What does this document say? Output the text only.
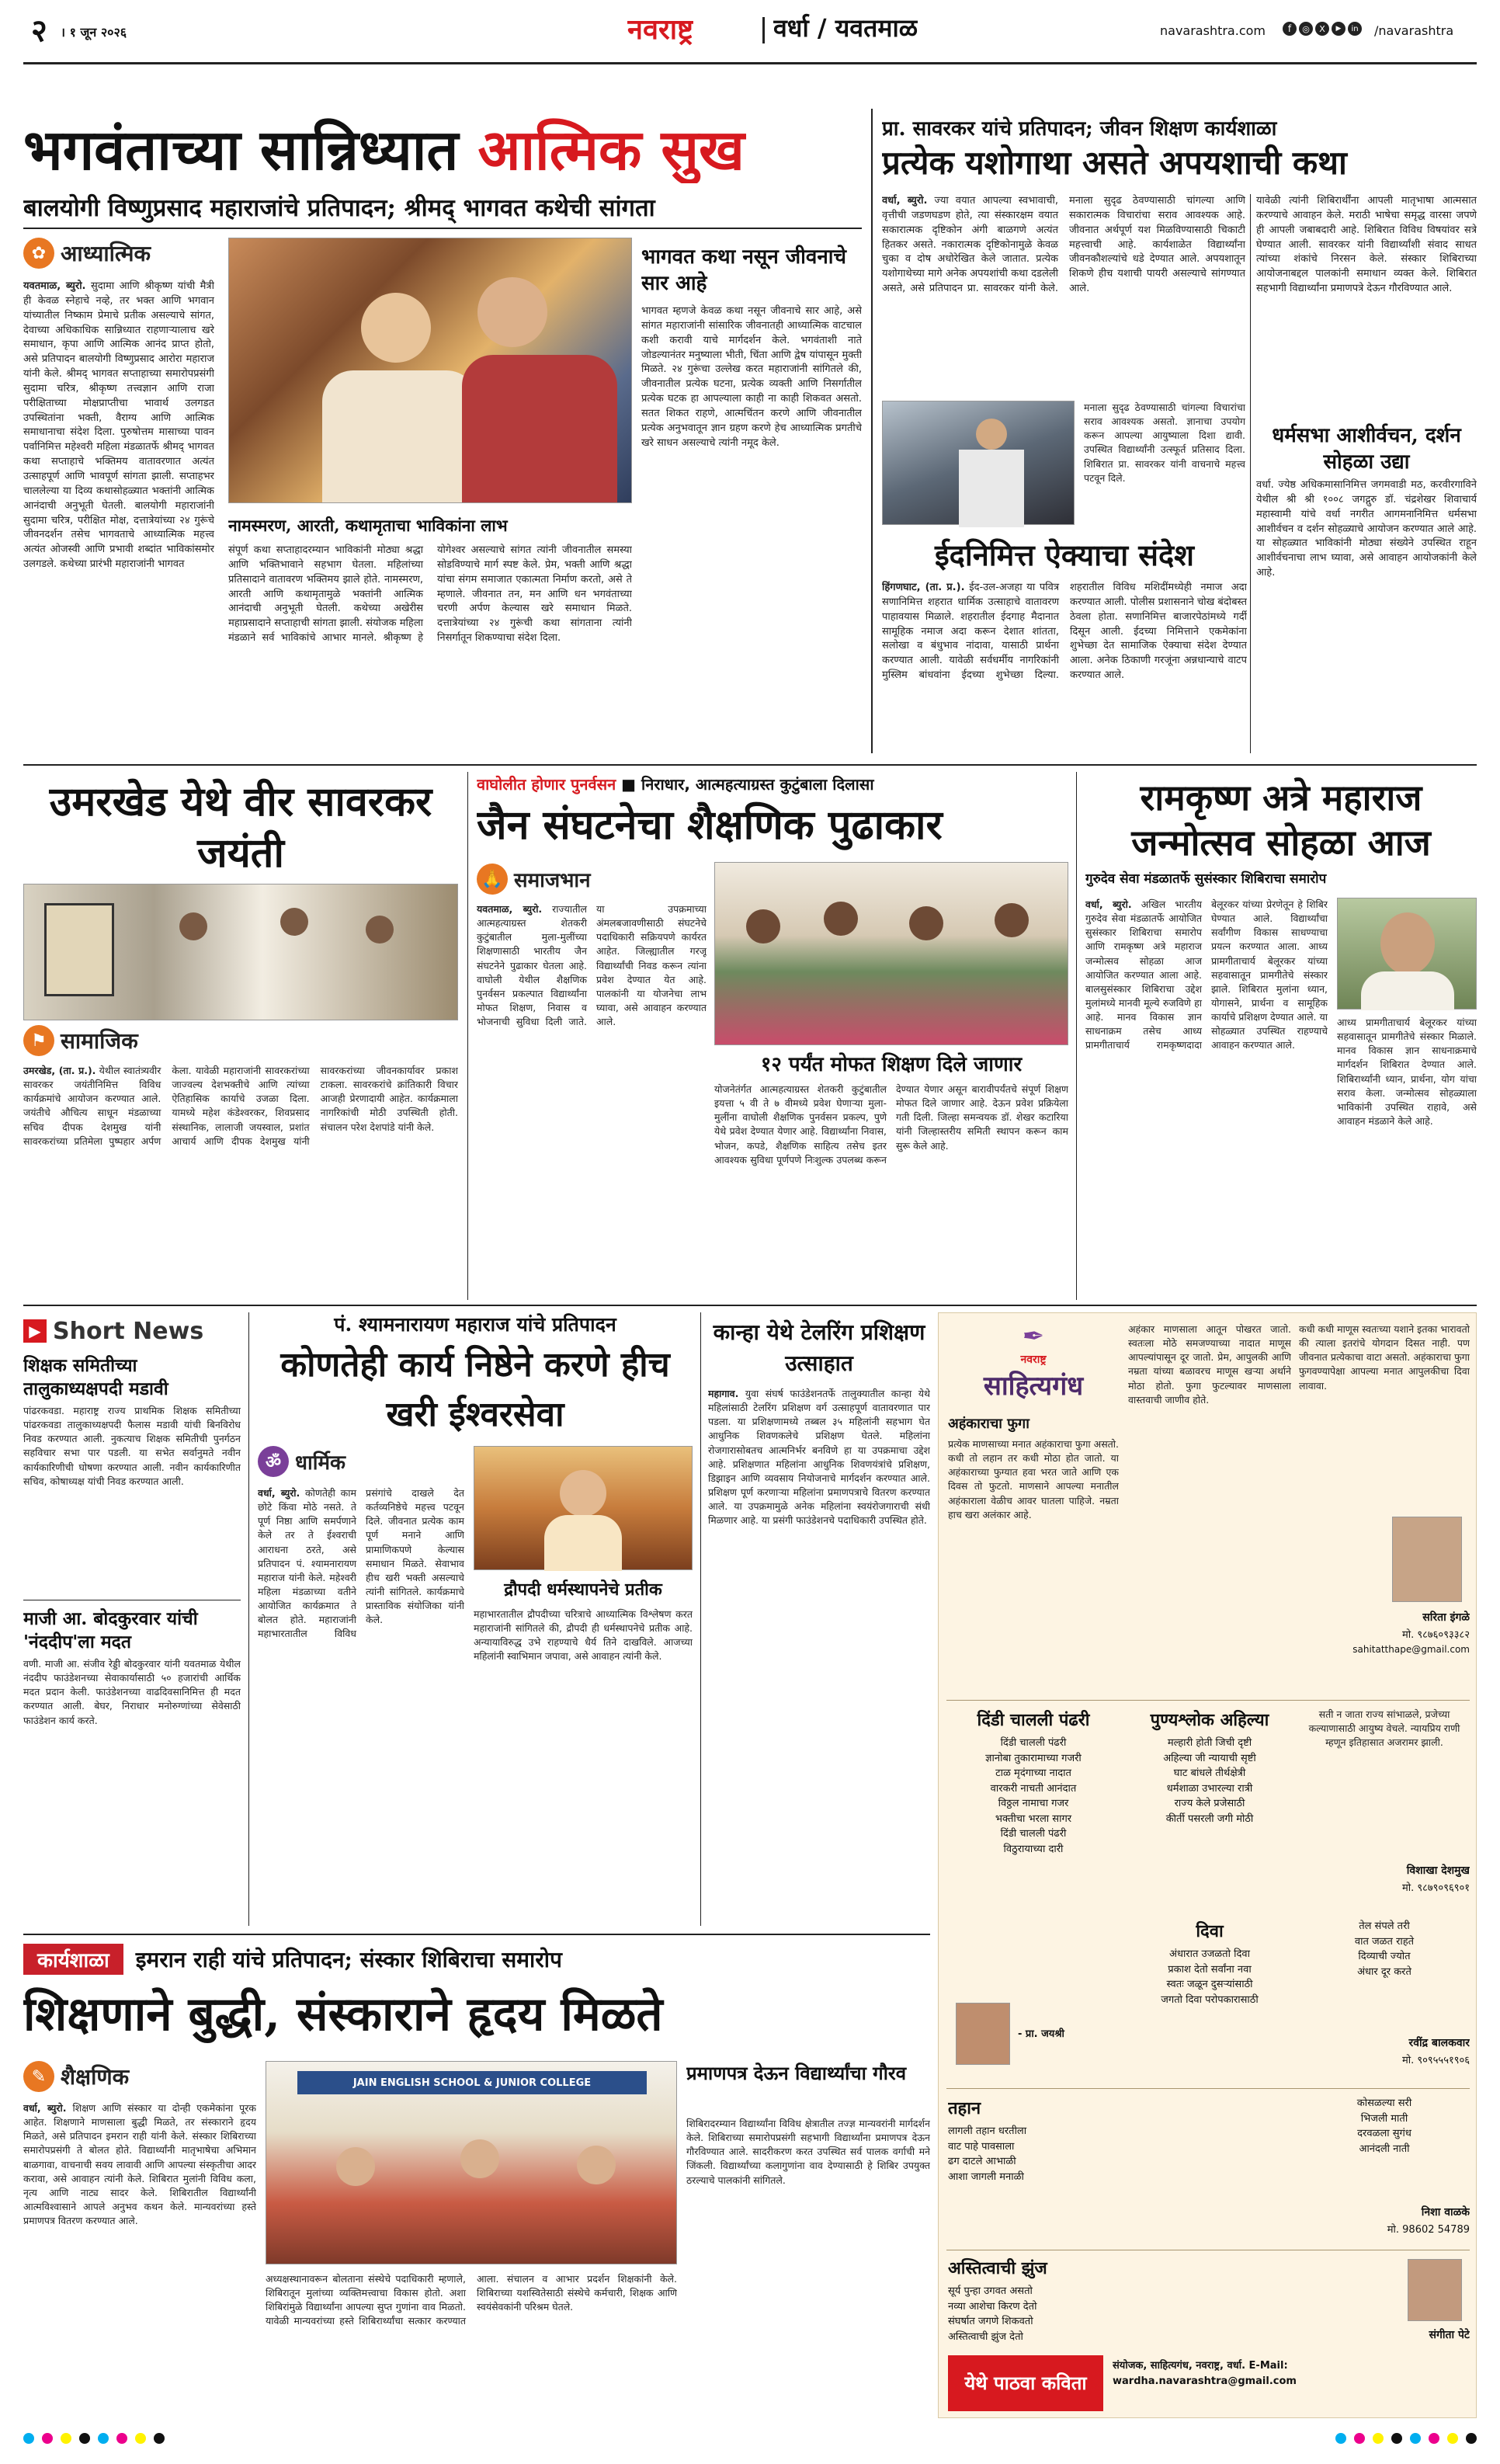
२ । १ जून २०२६	नवराष्ट्र	वर्धा / यवतमाळ	navarashtra.com	f	◎	X	▶	in /navarashtra
भगवंताच्या सान्निध्यात आत्मिक सुख
बालयोगी विष्णुप्रसाद महाराजांचे प्रतिपादन; श्रीमद् भागवत कथेची सांगता
✿ आध्यात्मिक
यवतमाळ, ब्युरो. सुदामा आणि श्रीकृष्ण यांची मैत्री ही केवळ स्नेहाचे नव्हे, तर भक्त आणि भगवान यांच्यातील निष्काम प्रेमाचे प्रतीक असल्याचे सांगत, देवाच्या अधिकाधिक सान्निध्यात राहणाऱ्यालाच खरे समाधान, कृपा आणि आत्मिक आनंद प्राप्त होतो, असे प्रतिपादन बालयोगी विष्णुप्रसाद आरोरा महाराज यांनी केले. श्रीमद् भागवत सप्ताहाच्या समारोपप्रसंगी सुदामा चरित्र, श्रीकृष्ण तत्त्वज्ञान आणि राजा परीक्षिताच्या मोक्षप्राप्तीचा भावार्थ उलगडत उपस्थितांना भक्ती, वैराग्य आणि आत्मिक समाधानाचा संदेश दिला. पुरुषोत्तम मासाच्या पावन पर्वानिमित्त महेश्वरी महिला मंडळातर्फे श्रीमद् भागवत कथा सप्ताहाचे भक्तिमय वातावरणात अत्यंत उत्साहपूर्ण आणि भावपूर्ण सांगता झाली. सप्ताहभर चाललेल्या या दिव्य कथासोहळ्यात भक्तांनी आत्मिक आनंदाची अनुभूती घेतली. बालयोगी महाराजांनी सुदामा चरित्र, परीक्षित मोक्ष, दत्तात्रेयांच्या २४ गुरूंचे जीवनदर्शन तसेच भागवताचे आध्यात्मिक महत्त्व अत्यंत ओजस्वी आणि प्रभावी शब्दांत भाविकांसमोर उलगडले. कथेच्या प्रारंभी महाराजांनी भागवत
भागवत कथा नसून जीवनाचे सार आहे
भागवत म्हणजे केवळ कथा नसून जीवनाचे सार आहे, असे सांगत महाराजांनी सांसारिक जीवनातही आध्यात्मिक वाटचाल कशी करावी याचे मार्गदर्शन केले. भगवंताशी नाते जोडल्यानंतर मनुष्याला भीती, चिंता आणि द्वेष यांपासून मुक्ती मिळते. २४ गुरूंचा उल्लेख करत महाराजांनी सांगितले की, जीवनातील प्रत्येक घटना, प्रत्येक व्यक्ती आणि निसर्गातील प्रत्येक घटक हा आपल्याला काही ना काही शिकवत असतो. सतत शिकत राहणे, आत्मचिंतन करणे आणि जीवनातील प्रत्येक अनुभवातून ज्ञान ग्रहण करणे हेच आध्यात्मिक प्रगतीचे खरे साधन असल्याचे त्यांनी नमूद केले.
नामस्मरण, आरती, कथामृताचा भाविकांना लाभ
संपूर्ण कथा सप्ताहादरम्यान भाविकांनी मोठ्या श्रद्धा आणि भक्तिभावाने सहभाग घेतला. महिलांच्या प्रतिसादाने वातावरण भक्तिमय झाले होते. नामस्मरण, आरती आणि कथामृतामुळे भक्तांनी आत्मिक आनंदाची अनुभूती घेतली. कथेच्या अखेरीस महाप्रसादाने सप्ताहाची सांगता झाली. संयोजक महिला मंडळाने सर्व भाविकांचे आभार मानले. श्रीकृष्ण हे योगेश्वर असल्याचे सांगत त्यांनी जीवनातील समस्या सोडविण्याचे मार्ग स्पष्ट केले. प्रेम, भक्ती आणि श्रद्धा यांचा संगम समाजात एकात्मता निर्माण करतो, असे ते म्हणाले. जीवनात तन, मन आणि धन भगवंताच्या चरणी अर्पण केल्यास खरे समाधान मिळते. दत्तात्रेयांच्या २४ गुरूंची कथा सांगताना त्यांनी निसर्गातून शिकण्याचा संदेश दिला.
प्रा. सावरकर यांचे प्रतिपादन; जीवन शिक्षण कार्यशाळा
प्रत्येक यशोगाथा असते अपयशाची कथा
वर्धा, ब्युरो. ज्या वयात आपल्या स्वभावाची, वृत्तीची जडणघडण होते, त्या संस्कारक्षम वयात सकारात्मक दृष्टिकोन अंगी बाळगणे अत्यंत हितकर असते. नकारात्मक दृष्टिकोनामुळे केवळ चुका व दोष अधोरेखित केले जातात. प्रत्येक यशोगाथेच्या मागे अनेक अपयशांची कथा दडलेली असते, असे प्रतिपादन प्रा. सावरकर यांनी केले. मनाला सुदृढ ठेवण्यासाठी चांगल्या आणि सकारात्मक विचारांचा सराव आवश्यक आहे. जीवनात अर्थपूर्ण यश मिळविण्यासाठी चिकाटी महत्त्वाची आहे. कार्यशाळेत विद्यार्थ्यांना जीवनकौशल्यांचे धडे देण्यात आले. अपयशातून शिकणे हीच यशाची पायरी असल्याचे सांगण्यात आले.
मनाला सुदृढ ठेवण्यासाठी चांगल्या विचारांचा सराव आवश्यक असतो. ज्ञानाचा उपयोग करून आपल्या आयुष्याला दिशा द्यावी. उपस्थित विद्यार्थ्यांनी उत्स्फूर्त प्रतिसाद दिला. शिबिरात प्रा. सावरकर यांनी वाचनाचे महत्त्व पटवून दिले.
यावेळी त्यांनी शिबिरार्थींना आपली मातृभाषा आत्मसात करण्याचे आवाहन केले. मराठी भाषेचा समृद्ध वारसा जपणे ही आपली जबाबदारी आहे. शिबिरात विविध विषयांवर सत्रे घेण्यात आली. सावरकर यांनी विद्यार्थ्यांशी संवाद साधत त्यांच्या शंकांचे निरसन केले. संस्कार शिबिराच्या आयोजनाबद्दल पालकांनी समाधान व्यक्त केले. शिबिरात सहभागी विद्यार्थ्यांना प्रमाणपत्रे देऊन गौरविण्यात आले.
धर्मसभा आशीर्वचन, दर्शन सोहळा उद्या
वर्धा. ज्येष्ठ अधिकमासानिमित्त जगमवाडी मठ, करवीरगाविने येथील श्री श्री १००८ जगद्गुरु डॉ. चंद्रशेखर शिवाचार्य महास्वामी यांचे वर्धा नगरीत आगमनानिमित्त धर्मसभा आशीर्वचन व दर्शन सोहळ्याचे आयोजन करण्यात आले आहे. या सोहळ्यात भाविकांनी मोठ्या संख्येने उपस्थित राहून आशीर्वचनाचा लाभ घ्यावा, असे आवाहन आयोजकांनी केले आहे.
ईदनिमित्त ऐक्याचा संदेश
हिंगणघाट, (ता. प्र.). ईद-उल-अजहा या पवित्र सणानिमित्त शहरात धार्मिक उत्साहाचे वातावरण पाहावयास मिळाले. शहरातील ईदगाह मैदानात सामूहिक नमाज अदा करून देशात शांतता, सलोखा व बंधुभाव नांदावा, यासाठी प्रार्थना करण्यात आली. यावेळी सर्वधर्मीय नागरिकांनी मुस्लिम बांधवांना ईदच्या शुभेच्छा दिल्या. शहरातील विविध मशिदींमध्येही नमाज अदा करण्यात आली. पोलीस प्रशासनाने चोख बंदोबस्त ठेवला होता. सणानिमित्त बाजारपेठांमध्ये गर्दी दिसून आली. ईदच्या निमित्ताने एकमेकांना शुभेच्छा देत सामाजिक ऐक्याचा संदेश देण्यात आला. अनेक ठिकाणी गरजूंना अन्नधान्याचे वाटप करण्यात आले.
उमरखेड येथे वीर सावरकर जयंती
⚑ सामाजिक
उमरखेड, (ता. प्र.). येथील स्वातंत्र्यवीर सावरकर जयंतीनिमित्त विविध कार्यक्रमांचे आयोजन करण्यात आले. जयंतीचे औचित्य साधून मंडळाच्या सचिव दीपक देशमुख यांनी सावरकरांच्या प्रतिमेला पुष्पहार अर्पण केला. यावेळी महाराजांनी सावरकरांच्या जाज्वल्य देशभक्तीचे आणि त्यांच्या ऐतिहासिक कार्याचे उजळा दिला. यामध्ये महेश कंडेश्वरकर, शिवप्रसाद संस्थानिक, लालाजी जयस्वाल, प्रशांत आचार्य आणि दीपक देशमुख यांनी सावरकरांच्या जीवनकार्यावर प्रकाश टाकला. सावरकरांचे क्रांतिकारी विचार आजही प्रेरणादायी आहेत. कार्यक्रमाला नागरिकांची मोठी उपस्थिती होती. संचालन परेश देशपांडे यांनी केले.
वाघोलीत होणार पुनर्वसन ■ निराधार, आत्महत्याग्रस्त कुटुंबाला दिलासा
जैन संघटनेचा शैक्षणिक पुढाकार
🙏 समाजभान
यवतमाळ, ब्युरो. राज्यातील आत्महत्याग्रस्त शेतकरी कुटुंबातील मुला-मुलींच्या शिक्षणासाठी भारतीय जैन संघटनेने पुढाकार घेतला आहे. वाघोली येथील शैक्षणिक पुनर्वसन प्रकल्पात विद्यार्थ्यांना मोफत शिक्षण, निवास व भोजनाची सुविधा दिली जाते. या उपक्रमाच्या अंमलबजावणीसाठी संघटनेचे पदाधिकारी सक्रियपणे कार्यरत आहेत. जिल्ह्यातील गरजू विद्यार्थ्यांची निवड करून त्यांना प्रवेश देण्यात येत आहे. पालकांनी या योजनेचा लाभ घ्यावा, असे आवाहन करण्यात आले.
१२ पर्यंत मोफत शिक्षण दिले जाणार
योजनेतंर्गत आत्महत्याग्रस्त शेतकरी कुटुंबातील इयत्ता ५ वी ते ७ वीमध्ये प्रवेश घेणाऱ्या मुला-मुलींना वाघोली शैक्षणिक पुनर्वसन प्रकल्प, पुणे येथे प्रवेश देण्यात येणार आहे. विद्यार्थ्यांना निवास, भोजन, कपडे, शैक्षणिक साहित्य तसेच इतर आवश्यक सुविधा पूर्णपणे निःशुल्क उपलब्ध करून देण्यात येणार असून बारावीपर्यंतचे संपूर्ण शिक्षण मोफत दिले जाणार आहे. देऊन प्रवेश प्रक्रियेला गती दिली. जिल्हा समन्वयक डॉ. शेखर कटारिया यांनी जिल्हास्तरीय समिती स्थापन करून काम सुरू केले आहे.
रामकृष्ण अत्रे महाराज जन्मोत्सव सोहळा आज
गुरुदेव सेवा मंडळातर्फे सुसंस्कार शिबिराचा समारोप
वर्धा, ब्युरो. अखिल भारतीय गुरुदेव सेवा मंडळातर्फे आयोजित सुसंस्कार शिबिराचा समारोप आणि रामकृष्ण अत्रे महाराज जन्मोत्सव सोहळा आज आयोजित करण्यात आला आहे. बालसुसंस्कार शिबिराचा उद्देश मुलांमध्ये मानवी मूल्ये रुजविणे हा आहे. मानव विकास ज्ञान साधनाक्रम तसेच आध्य प्रामगीताचार्य रामकृष्णदादा बेलूरकर यांच्या प्रेरणेतून हे शिबिर घेण्यात आले. विद्यार्थ्यांचा सर्वांगीण विकास साधण्याचा प्रयत्न करण्यात आला. आध्य प्रामगीताचार्य बेलूरकर यांच्या सहवासातून प्रामगीतेचे संस्कार झाले. शिबिरात मुलांना ध्यान, योगासने, प्रार्थना व सामूहिक कार्याचे प्रशिक्षण देण्यात आले. या सोहळ्यात उपस्थित राहण्याचे आवाहन करण्यात आले.
आध्य प्रामगीताचार्य बेलूरकर यांच्या सहवासातून प्रामगीतेचे संस्कार मिळाले. मानव विकास ज्ञान साधनाक्रमाचे मार्गदर्शन शिबिरात देण्यात आले. शिबिरार्थ्यांनी ध्यान, प्रार्थना, योग यांचा सराव केला. जन्मोत्सव सोहळ्याला भाविकांनी उपस्थित राहावे, असे आवाहन मंडळाने केले आहे.
▶ Short News
शिक्षक समितीच्या तालुकाध्यक्षपदी मडावी
पांढरकवडा. महाराष्ट्र राज्य प्राथमिक शिक्षक समितीच्या पांढरकवडा तालुकाध्यक्षपदी फैलास मडावी यांची बिनविरोध निवड करण्यात आली. नुकत्याच शिक्षक समितीची पुनर्गठन सहविचार सभा पार पडली. या सभेत सर्वानुमते नवीन कार्यकारिणीची घोषणा करण्यात आली. नवीन कार्यकारिणीत सचिव, कोषाध्यक्ष यांची निवड करण्यात आली.
माजी आ. बोदकुरवार यांची 'नंददीप'ला मदत
वणी. माजी आ. संजीव रेड्डी बोदकुरवार यांनी यवतमाळ येथील नंददीप फाउंडेशनच्या सेवाकार्यासाठी ५० हजारांची आर्थिक मदत प्रदान केली. फाउंडेशनच्या वाढदिवसानिमित्त ही मदत करण्यात आली. बेघर, निराधार मनोरुग्णांच्या सेवेसाठी फाउंडेशन कार्य करते.
पं. श्यामनारायण महाराज यांचे प्रतिपादन
कोणतेही कार्य निष्ठेने करणे हीच खरी ईश्वरसेवा
ॐ धार्मिक
वर्धा, ब्युरो. कोणतेही काम छोटे किंवा मोठे नसते. ते पूर्ण निष्ठा आणि समर्पणाने केले तर ते ईश्वराची आराधना ठरते, असे प्रतिपादन पं. श्यामनारायण महाराज यांनी केले. महेश्वरी महिला मंडळाच्या वतीने आयोजित कार्यक्रमात ते बोलत होते. महाराजांनी महाभारतातील विविध प्रसंगांचे दाखले देत कर्तव्यनिष्ठेचे महत्त्व पटवून दिले. जीवनात प्रत्येक काम पूर्ण मनाने आणि प्रामाणिकपणे केल्यास समाधान मिळते. सेवाभाव हीच खरी भक्ती असल्याचे त्यांनी सांगितले. कार्यक्रमाचे प्रास्ताविक संयोजिका यांनी केले.
द्रौपदी धर्मस्थापनेचे प्रतीक
महाभारतातील द्रौपदीच्या चरित्राचे आध्यात्मिक विश्लेषण करत महाराजांनी सांगितले की, द्रौपदी ही धर्मस्थापनेचे प्रतीक आहे. अन्यायाविरुद्ध उभे राहण्याचे धैर्य तिने दाखविले. आजच्या महिलांनी स्वाभिमान जपावा, असे आवाहन त्यांनी केले.
कान्हा येथे टेलरिंग प्रशिक्षण उत्साहात
महागाव. युवा संघर्ष फाउंडेशनतर्फे तालुक्यातील कान्हा येथे महिलांसाठी टेलरिंग प्रशिक्षण वर्ग उत्साहपूर्ण वातावरणात पार पडला. या प्रशिक्षणामध्ये तब्बल ३५ महिलांनी सहभाग घेत आधुनिक शिवणकलेचे प्रशिक्षण घेतले. महिलांना रोजगारासोबतच आत्मनिर्भर बनविणे हा या उपक्रमाचा उद्देश आहे. प्रशिक्षणात महिलांना आधुनिक शिवणयंत्रांचे प्रशिक्षण, डिझाइन आणि व्यवसाय नियोजनाचे मार्गदर्शन करण्यात आले. प्रशिक्षण पूर्ण करणाऱ्या महिलांना प्रमाणपत्राचे वितरण करण्यात आले. या उपक्रमामुळे अनेक महिलांना स्वयंरोजगाराची संधी मिळणार आहे. या प्रसंगी फाउंडेशनचे पदाधिकारी उपस्थित होते.
✒
नवराष्ट्र
साहित्यगंध
अहंकाराचा फुगा
प्रत्येक माणसाच्या मनात अहंकाराचा फुगा असतो. कधी तो लहान तर कधी मोठा होत जातो. या अहंकाराच्या फुग्यात हवा भरत जाते आणि एक दिवस तो फुटतो. माणसाने आपल्या मनातील अहंकाराला वेळीच आवर घातला पाहिजे. नम्रता हाच खरा अलंकार आहे.
अहंकार माणसाला आतून पोखरत जातो. स्वतःला मोठे समजण्याच्या नादात माणूस आपल्यांपासून दूर जातो. प्रेम, आपुलकी आणि नम्रता यांच्या बळावरच माणूस खऱ्या अर्थाने मोठा होतो. फुगा फुटल्यावर माणसाला वास्तवाची जाणीव होते.
कधी कधी माणूस स्वतःच्या यशाने इतका भारावतो की त्याला इतरांचे योगदान दिसत नाही. पण जीवनात प्रत्येकाचा वाटा असतो. अहंकाराचा फुगा फुगवण्यापेक्षा आपल्या मनात आपुलकीचा दिवा लावावा.
सरिता इंगळे
मो. ९८७६०९३३८२
sahitatthape@gmail.com
दिंडी चालली पंढरी
दिंडी चालली पंढरी
ज्ञानोबा तुकारामाच्या गजरी
टाळ मृदंगाच्या नादात
वारकरी नाचती आनंदात
विठ्ठल नामाचा गजर
भक्तीचा भरला सागर
दिंडी चालली पंढरी
विठुरायाच्या दारी
- प्रा. जयश्री
पुण्यश्लोक अहिल्या
मल्हारी होती जिची दृष्टी
अहिल्या जी न्यायाची सृष्टी
घाट बांधले तीर्थक्षेत्री
धर्मशाळा उभारल्या रात्री
राज्य केले प्रजेसाठी
कीर्ती पसरली जगी मोठी
सती न जाता राज्य सांभाळले, प्रजेच्या कल्याणासाठी आयुष्य वेचले. न्यायप्रिय राणी म्हणून इतिहासात अजरामर झाली.
विशाखा देशमुख
मो. ९८७९०९६९०१
दिवा
अंधारात उजळतो दिवा
प्रकाश देतो सर्वांना नवा
स्वतः जळून दुसऱ्यांसाठी
जगतो दिवा परोपकारासाठी
तेल संपले तरी
वात जळत राहते
दिव्याची ज्योत
अंधार दूर करते
रवींद्र बालकवार
मो. ९०९५५५१९०६
तहान
लागली तहान धरतीला
वाट पाहे पावसाला
ढग दाटले आभाळी
आशा जागली मनाळी
कोसळल्या सरी
भिजली माती
दरवळला सुगंध
आनंदली नाती
निशा वाळके
मो. 98602 54789
अस्तित्वाची झुंज
सूर्य पुन्हा उगवत असतो
नव्या आशेचा किरण देतो
संघर्षात जगणे शिकवतो
अस्तित्वाची झुंज देतो	संगीता पेटे
येथे पाठवा कविता
संयोजक, साहित्यगंध, नवराष्ट्र, वर्धा. E-Mail: wardha.navarashtra@gmail.com
कार्यशाळा	इमरान राही यांचे प्रतिपादन; संस्कार शिबिराचा समारोप
शिक्षणाने बुद्धी, संस्काराने हृदय मिळते
✎ शैक्षणिक
वर्धा, ब्युरो. शिक्षण आणि संस्कार या दोन्ही एकमेकांना पूरक आहेत. शिक्षणाने माणसाला बुद्धी मिळते, तर संस्काराने हृदय मिळते, असे प्रतिपादन इमरान राही यांनी केले. संस्कार शिबिराच्या समारोपप्रसंगी ते बोलत होते. विद्यार्थ्यांनी मातृभाषेचा अभिमान बाळगावा, वाचनाची सवय लावावी आणि आपल्या संस्कृतीचा आदर करावा, असे आवाहन त्यांनी केले. शिबिरात मुलांनी विविध कला, नृत्य आणि नाट्य सादर केले. शिबिरातील विद्यार्थ्यांनी आत्मविश्वासाने आपले अनुभव कथन केले. मान्यवरांच्या हस्ते प्रमाणपत्र वितरण करण्यात आले.
JAIN ENGLISH SCHOOL & JUNIOR COLLEGE
अध्यक्षस्थानावरून बोलताना संस्थेचे पदाधिकारी म्हणाले, शिबिरातून मुलांच्या व्यक्तिमत्त्वाचा विकास होतो. अशा शिबिरांमुळे विद्यार्थ्यांना आपल्या सुप्त गुणांना वाव मिळतो. यावेळी मान्यवरांच्या हस्ते शिबिरार्थ्यांचा सत्कार करण्यात आला. संचालन व आभार प्रदर्शन शिक्षकांनी केले. शिबिराच्या यशस्वितेसाठी संस्थेचे कर्मचारी, शिक्षक आणि स्वयंसेवकांनी परिश्रम घेतले.
प्रमाणपत्र देऊन विद्यार्थ्यांचा गौरव
शिबिरादरम्यान विद्यार्थ्यांना विविध क्षेत्रातील तज्ज्ञ मान्यवरांनी मार्गदर्शन केले. शिबिराच्या समारोपप्रसंगी सहभागी विद्यार्थ्यांना प्रमाणपत्र देऊन गौरविण्यात आले. सादरीकरण करत उपस्थित सर्व पालक वर्गाची मने जिंकली. विद्यार्थ्यांच्या कलागुणांना वाव देण्यासाठी हे शिबिर उपयुक्त ठरल्याचे पालकांनी सांगितले.
